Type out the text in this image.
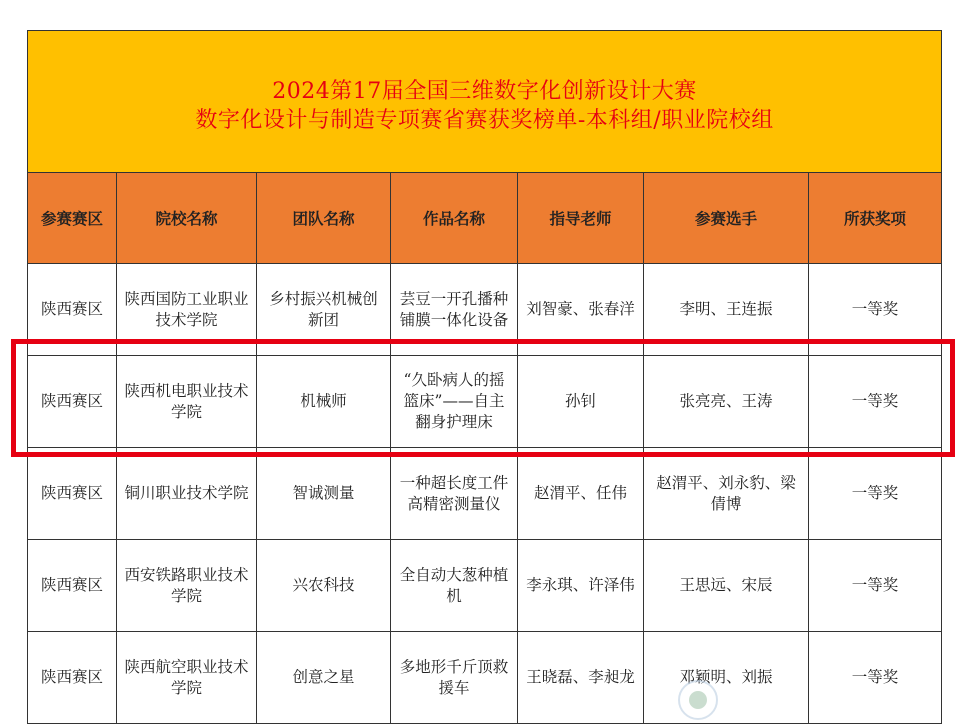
2024第17届全国三维数字化创新设计大赛
数字化设计与制造专项赛省赛获奖榜单-本科组/职业院校组						

参赛赛区	院校名称	团队名称	作品名称	指导老师	参赛选手	所获奖项
陕西赛区	陕西国防工业职业技术学院	乡村振兴机械创新团	芸豆一开孔播种铺膜一体化设备	刘智豪、张春洋	李明、王连振	一等奖
陕西赛区	陕西机电职业技术学院	机械师	“久卧病人的摇篮床”——自主翻身护理床	孙钊	张亮亮、王涛	一等奖
陕西赛区	铜川职业技术学院	智诚测量	一种超长度工件高精密测量仪	赵渭平、任伟	赵渭平、刘永豹、梁倩博	一等奖
陕西赛区	西安铁路职业技术学院	兴农科技	全自动大葱种植机	李永琪、许泽伟	王思远、宋辰	一等奖
陕西赛区	陕西航空职业技术学院	创意之星	多地形千斤顶救援车	王晓磊、李昶龙	邓颖明、刘振	一等奖
